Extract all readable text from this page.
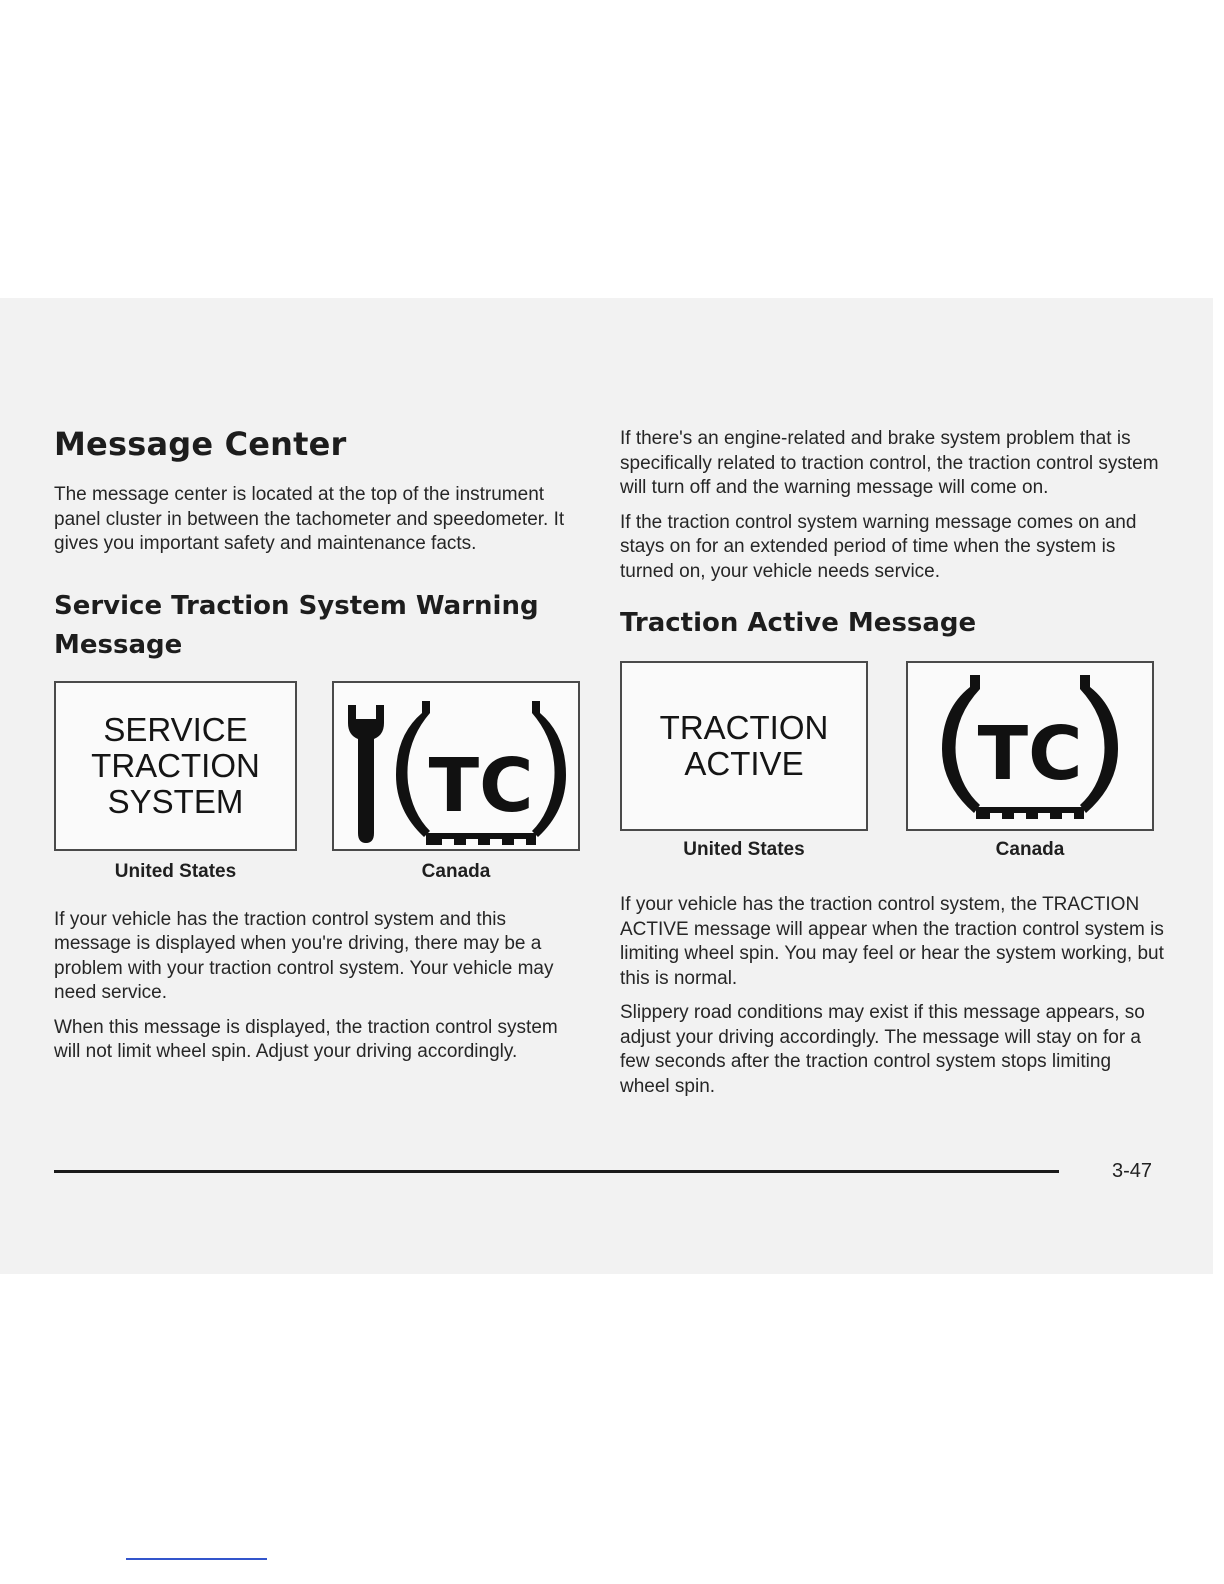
Message Center

The message center is located at the top of the instrument panel cluster in between the tachometer and speedometer. It gives you important safety and maintenance facts.

Service Traction System Warning Message
SERVICE
TRACTION
SYSTEM	TC
United States	Canada

If your vehicle has the traction control system and this message is displayed when you're driving, there may be a problem with your traction control system. Your vehicle may need service.

When this message is displayed, the traction control system will not limit wheel spin. Adjust your driving accordingly.

If there's an engine-related and brake system problem that is specifically related to traction control, the traction control system will turn off and the warning message will come on.

If the traction control system warning message comes on and stays on for an extended period of time when the system is turned on, your vehicle needs service.

Traction Active Message
TRACTION
ACTIVE	TC
United States	Canada

If your vehicle has the traction control system, the TRACTION ACTIVE message will appear when the traction control system is limiting wheel spin. You may feel or hear the system working, but this is normal.

Slippery road conditions may exist if this message appears, so adjust your driving accordingly. The message will stay on for a few seconds after the traction control system stops limiting wheel spin.

3-47
